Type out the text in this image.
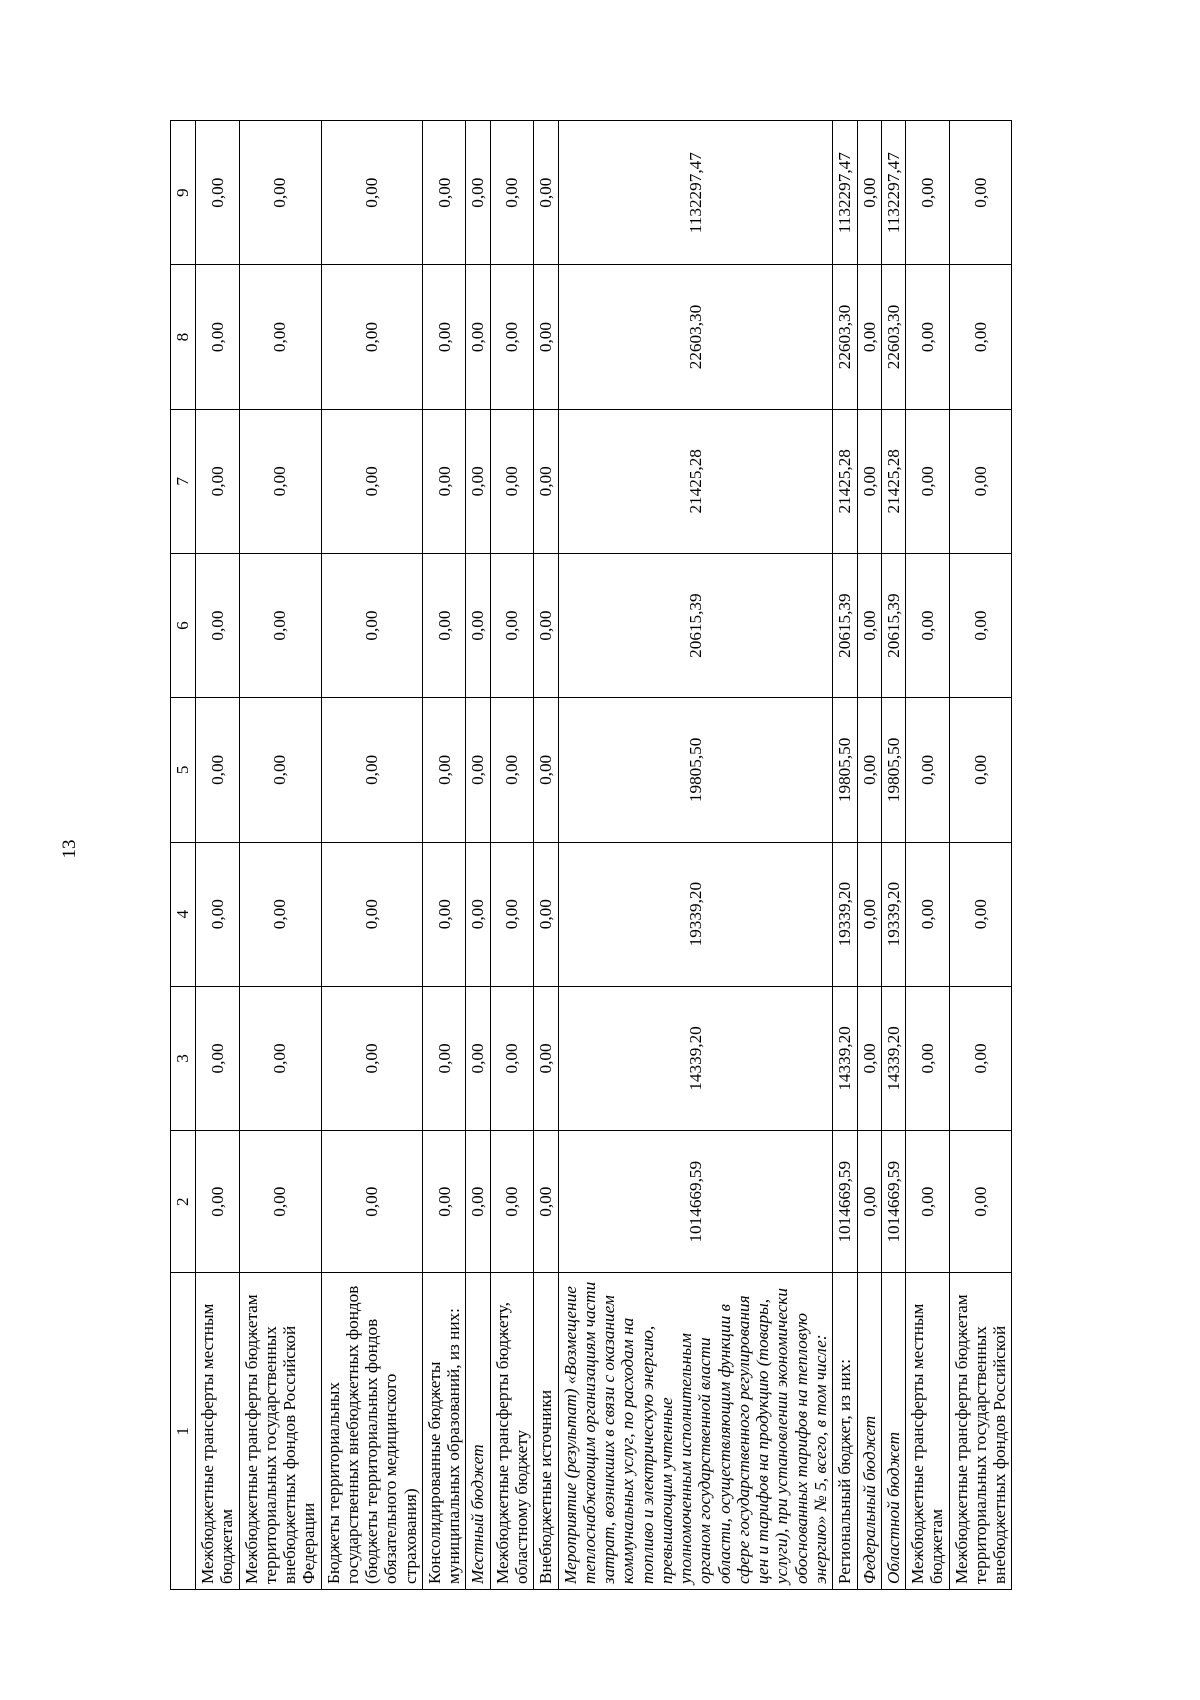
13
1	2	3	4	5	6	7	8	9
Межбюджетные трансферты местным бюджетам	0,00	0,00	0,00	0,00	0,00	0,00	0,00	0,00
Межбюджетные трансферты бюджетам территориальных государственных внебюджетных фондов Российской Федерации	0,00	0,00	0,00	0,00	0,00	0,00	0,00	0,00
Бюджеты территориальных государственных внебюджетных фондов (бюджеты территориальных фондов обязательного медицинского страхования)	0,00	0,00	0,00	0,00	0,00	0,00	0,00	0,00
Консолидированные бюджеты муниципальных образований, из них:	0,00	0,00	0,00	0,00	0,00	0,00	0,00	0,00
Местный бюджет	0,00	0,00	0,00	0,00	0,00	0,00	0,00	0,00
Межбюджетные трансферты бюджету, областному бюджету	0,00	0,00	0,00	0,00	0,00	0,00	0,00	0,00
Внебюджетные источники	0,00	0,00	0,00	0,00	0,00	0,00	0,00	0,00
Мероприятие (результат) «Возмещение теплоснабжающим организациям части затрат, возникших в связи с оказанием коммунальных услуг, по расходам на топливо и электрическую энергию, превышающим учтенные уполномоченным исполнительным органом государственной власти области, осуществляющим функции в сфере государственного регулирования цен и тарифов на продукцию (товары, услуги), при установлении экономически обоснованных тарифов на тепловую энергию» № 5, всего, в том числе:	1014669,59	14339,20	19339,20	19805,50	20615,39	21425,28	22603,30	1132297,47
Региональный бюджет, из них:	1014669,59	14339,20	19339,20	19805,50	20615,39	21425,28	22603,30	1132297,47
Федеральный бюджет	0,00	0,00	0,00	0,00	0,00	0,00	0,00	0,00
Областной бюджет	1014669,59	14339,20	19339,20	19805,50	20615,39	21425,28	22603,30	1132297,47
Межбюджетные трансферты местным бюджетам	0,00	0,00	0,00	0,00	0,00	0,00	0,00	0,00
Межбюджетные трансферты бюджетам территориальных государственных внебюджетных фондов Российской	0,00	0,00	0,00	0,00	0,00	0,00	0,00	0,00
